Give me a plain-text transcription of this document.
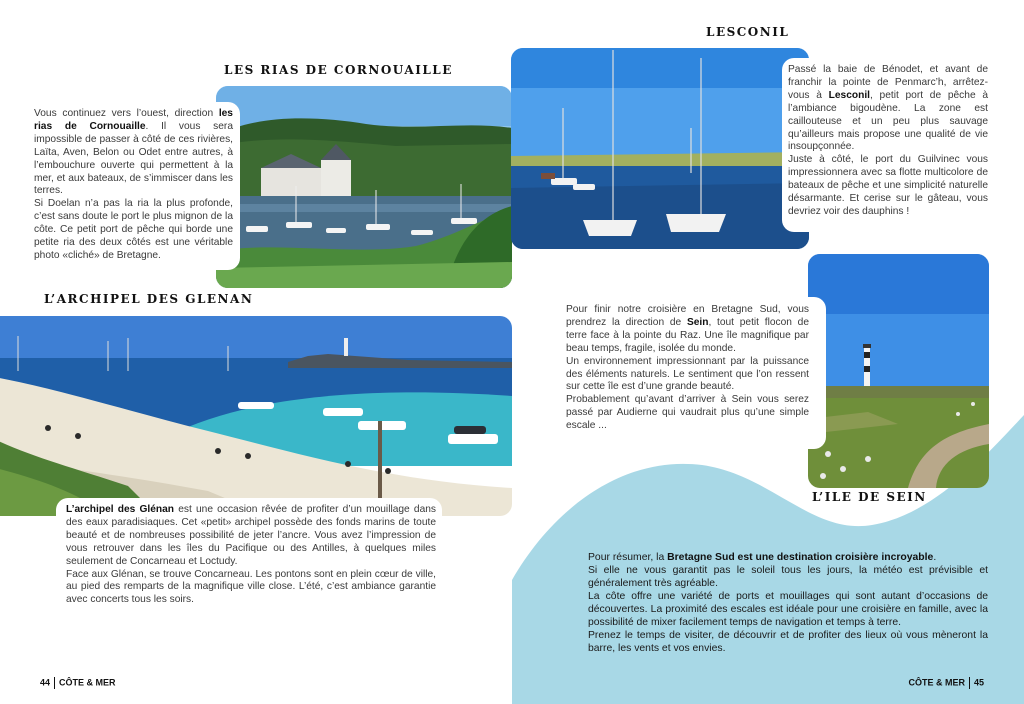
LES RIAS DE CORNOUAILLE
Vous continuez vers l’ouest, direction les rias de Cornouaille. Il vous sera impossible de passer à côté de ces rivières, Laïta, Aven, Belon ou Odet entre autres, à l’embouchure ouverte qui permettent à la mer, et aux bateaux, de s’immiscer dans les terres.
Si Doelan n’a pas la ria la plus profonde, c’est sans doute le port le plus mignon de la côte. Ce petit port de pêche qui borde une petite ria des deux côtés est une véritable photo «cliché» de Bretagne.
L’ARCHIPEL DES GLENAN
L’archipel des Glénan est une occasion rêvée de profiter d’un mouillage dans des eaux paradisiaques. Cet «petit» archipel possède des fonds marins de toute beauté et de nombreuses possibilité de jeter l’ancre. Vous avez l’impression de vous retrouver dans les îles du Pacifique ou des Antilles, à quelques miles seulement de Concarneau et Loctudy.
Face aux Glénan, se trouve Concarneau. Les pontons sont en plein cœur de ville, au pied des remparts de la magnifique ville close. L’été, c’est ambiance garantie avec concerts tous les soirs.
44 CÔTE & MER
LESCONIL
Passé la baie de Bénodet, et avant de franchir la pointe de Penmarc’h, arrêtez-vous à Lesconil, petit port de pêche à l’ambiance bigoudène. La zone est caillouteuse et un peu plus sauvage qu’ailleurs mais propose une qualité de vie insoupçonnée.
Juste à côté, le port du Guilvinec vous impressionnera avec sa flotte multicolore de bateaux de pêche et une simplicité naturelle désarmante. Et cerise sur le gâteau, vous devriez voir des dauphins !
Pour finir notre croisière en Bretagne Sud, vous prendrez la direction de Sein, tout petit flocon de terre face à la pointe du Raz. Une île magnifique par beau temps, fragile, isolée du monde.
Un environnement impressionnant par la puissance des éléments naturels. Le sentiment que l’on ressent sur cette île est d’une grande beauté.
Probablement qu’avant d’arriver à Sein vous serez passé par Audierne qui vaudrait plus qu’une simple escale ...
L’ILE DE SEIN
Pour résumer, la Bretagne Sud est une destination croisière incroyable.
Si elle ne vous garantit pas le soleil tous les jours, la météo est prévisible et généralement très agréable.
La côte offre une variété de ports et mouillages qui sont autant d’occasions de découvertes. La proximité des escales est idéale pour une croisière en famille, avec la possibilité de mixer facilement temps de navigation et temps à terre.
Prenez le temps de visiter, de découvrir et de profiter des lieux où vous mèneront la barre, les vents et vos envies.
CÔTE & MER 45
